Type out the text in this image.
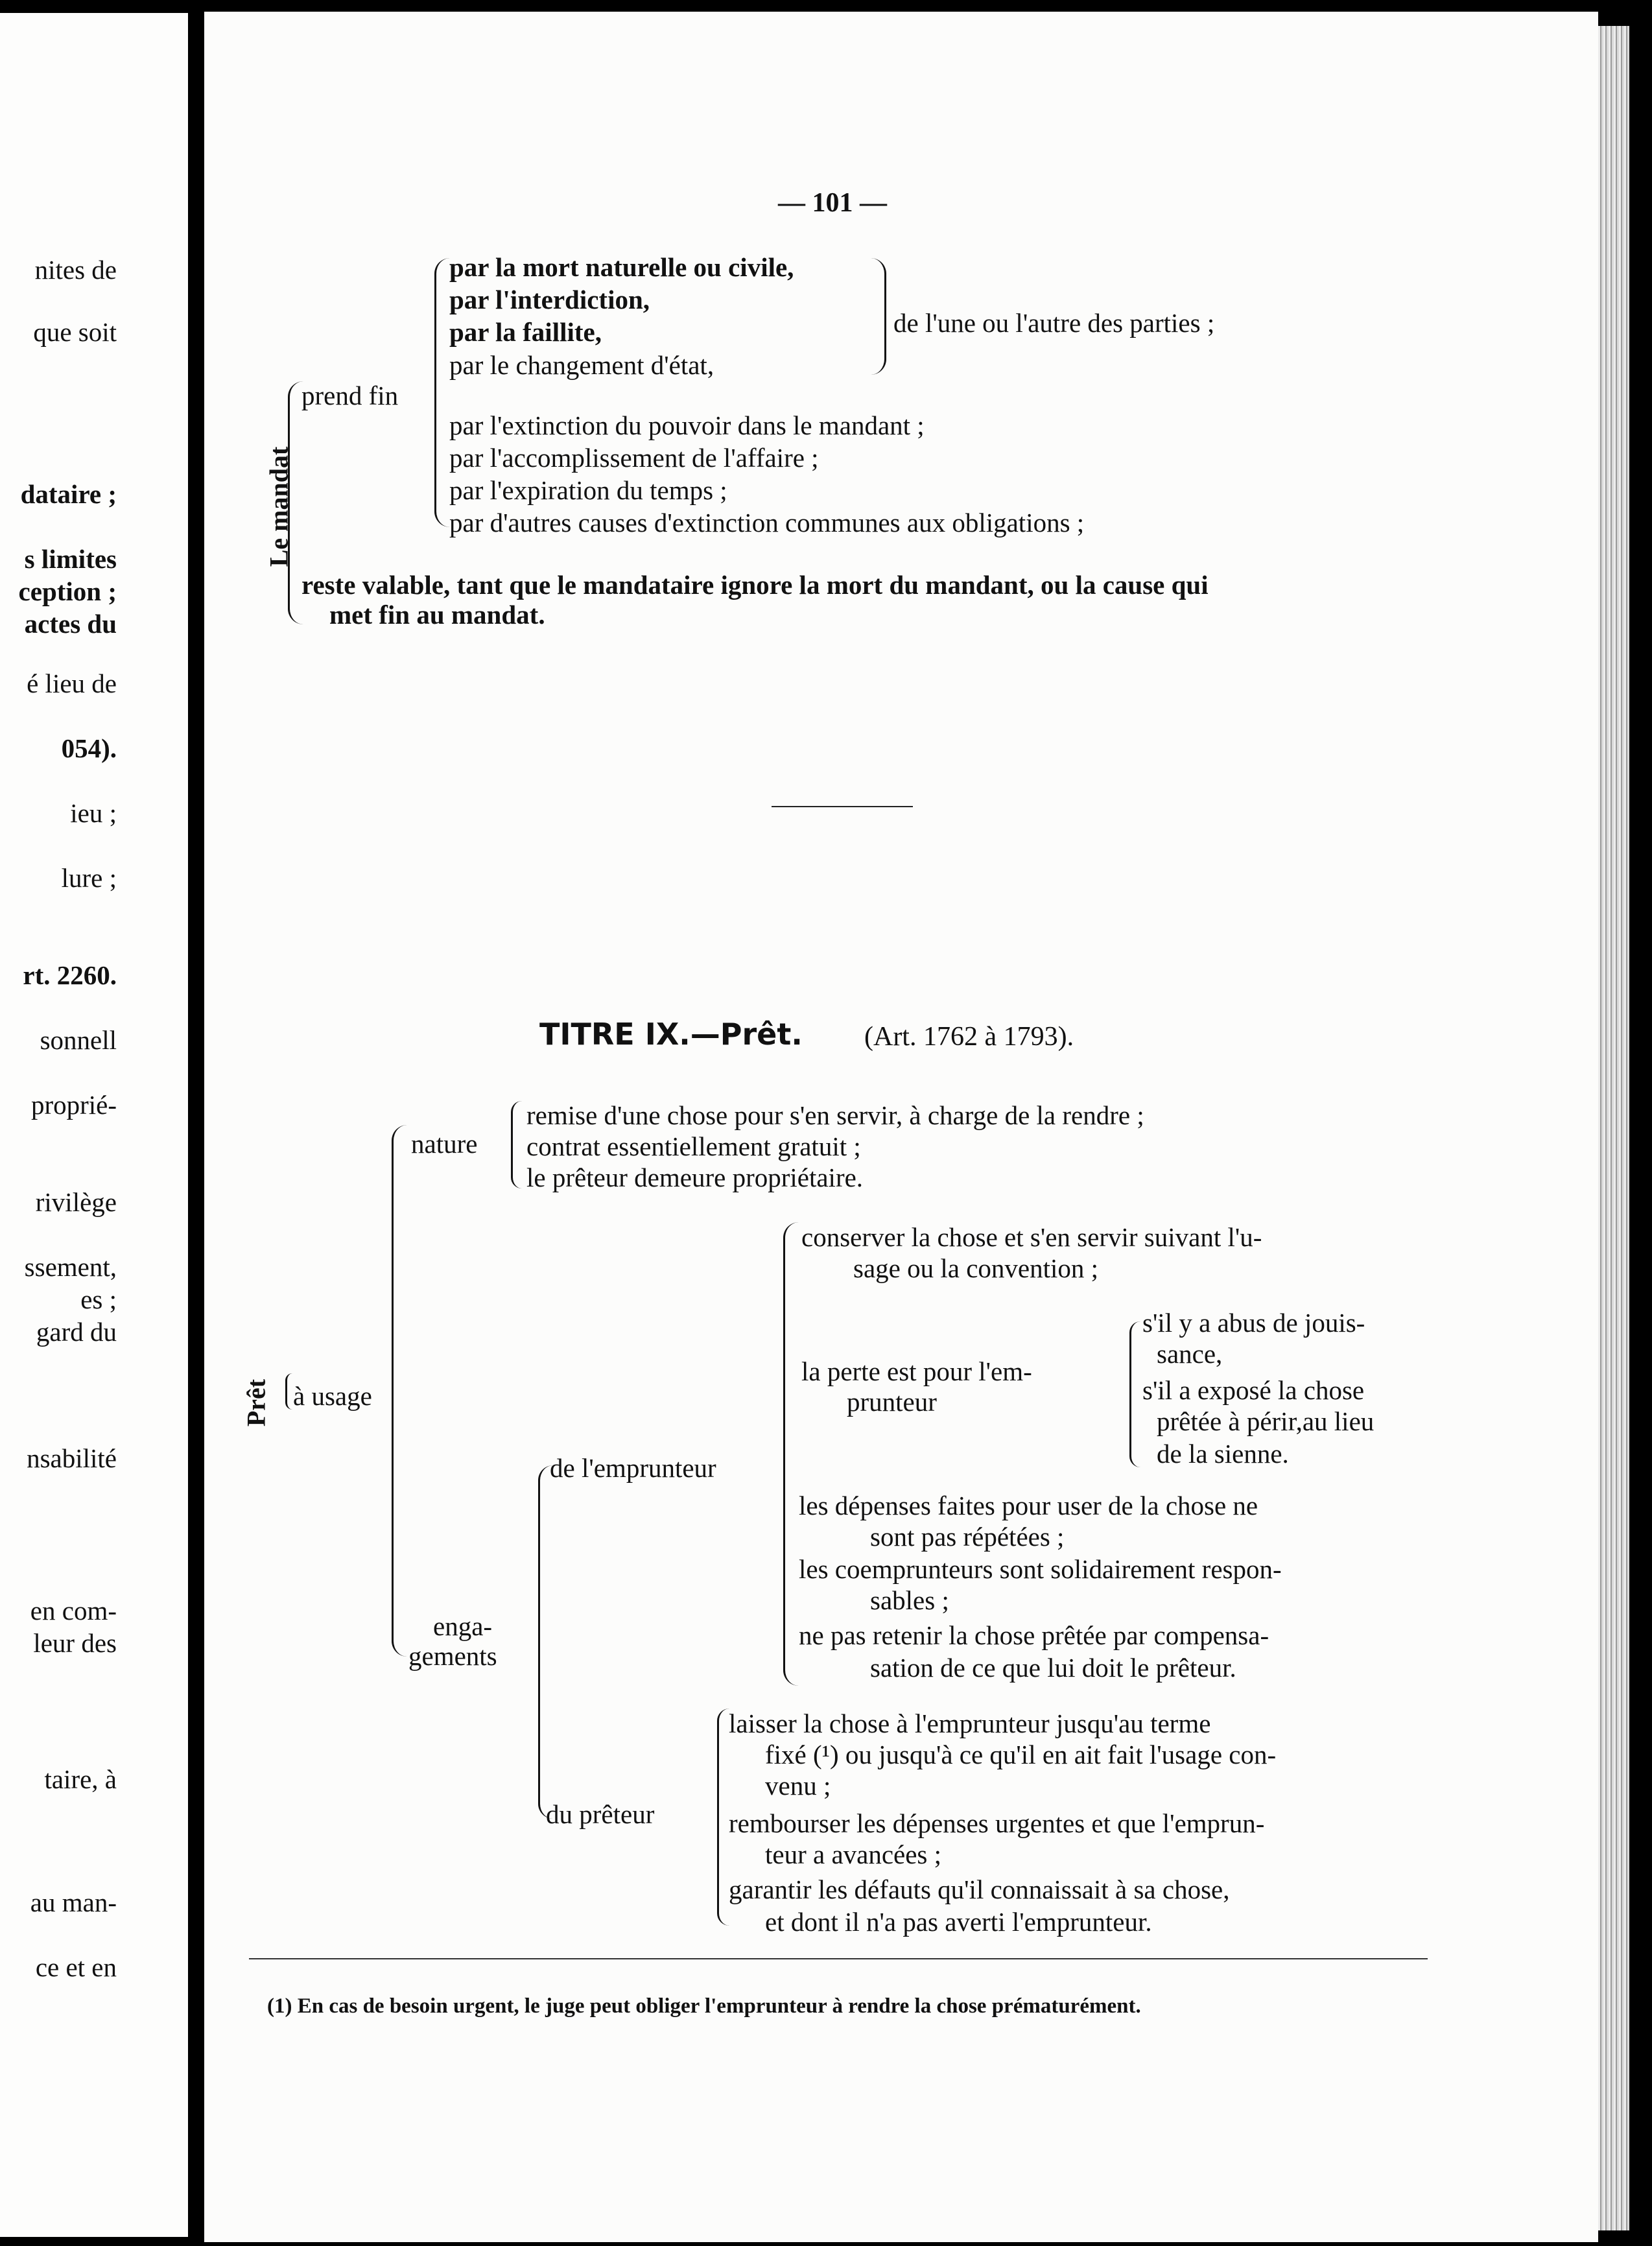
nites de
que soit
dataire ;
s limites
ception ;
actes du
é lieu de
054).
ieu ;
lure ;
rt. 2260.
sonnell
proprié-
rivilège
ssement,
es ;
gard du
nsabilité
en com-
leur des
taire, à
au man-
ce et en
— 101 —
Le mandat
prend fin
par la mort naturelle ou civile,
par l'interdiction,
par la faillite,
par le changement d'état,
de l'une ou l'autre des parties ;
par l'extinction du pouvoir dans le mandant ;
par l'accomplissement de l'affaire ;
par l'expiration du temps ;
par d'autres causes d'extinction communes aux obligations ;
reste valable, tant que le mandataire ignore la mort du mandant, ou la cause qui
met fin au mandat.
TITRE IX.—Prêt. (Art. 1762 à 1793).
Prêt à usage
nature
remise d'une chose pour s'en servir, à charge de la rendre ;
contrat essentiellement gratuit ;
le prêteur demeure propriétaire.
enga-
gements
de l'emprunteur
conserver la chose et s'en servir suivant l'u-
sage ou la convention ;
la perte est pour l'em-
prunteur
s'il y a abus de jouis-
sance,
s'il a exposé la chose
prêtée à périr,au lieu
de la sienne.
les dépenses faites pour user de la chose ne
sont pas répétées ;
les coemprunteurs sont solidairement respon-
sables ;
ne pas retenir la chose prêtée par compensa-
sation de ce que lui doit le prêteur.
du prêteur
laisser la chose à l'emprunteur jusqu'au terme
fixé (¹) ou jusqu'à ce qu'il en ait fait l'usage con-
venu ;
rembourser les dépenses urgentes et que l'emprun-
teur a avancées ;
garantir les défauts qu'il connaissait à sa chose,
et dont il n'a pas averti l'emprunteur.
(1) En cas de besoin urgent, le juge peut obliger l'emprunteur à rendre la chose prématurément.
